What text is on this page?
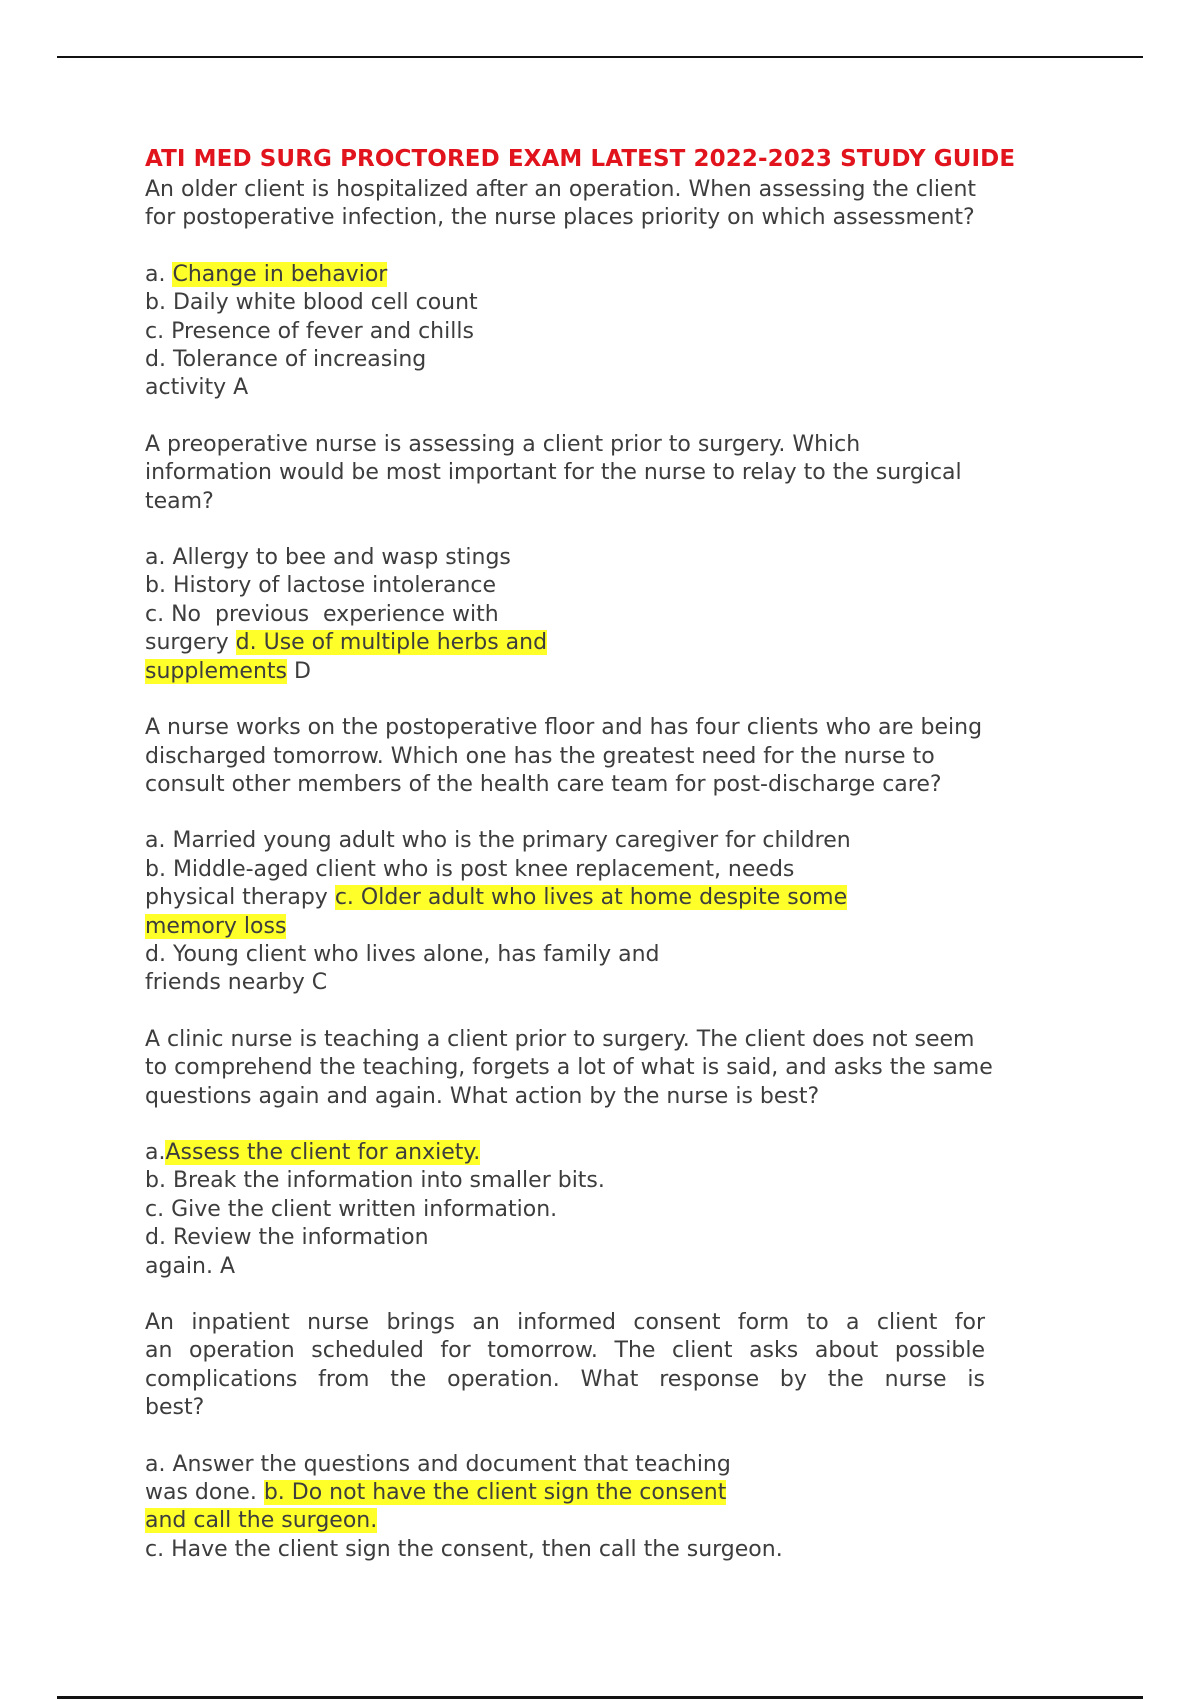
ATI MED SURG PROCTORED EXAM LATEST 2022-2023 STUDY GUIDE
An older client is hospitalized after an operation. When assessing the client
for postoperative infection, the nurse places priority on which assessment?
a. Change in behavior
b. Daily white blood cell count
c. Presence of fever and chills
d. Tolerance of increasing
activity A
A preoperative nurse is assessing a client prior to surgery. Which
information would be most important for the nurse to relay to the surgical
team?
a. Allergy to bee and wasp stings
b. History of lactose intolerance
c. No  previous  experience with
surgery d. Use of multiple herbs and
supplements D
A nurse works on the postoperative floor and has four clients who are being
discharged tomorrow. Which one has the greatest need for the nurse to
consult other members of the health care team for post-discharge care?
a. Married young adult who is the primary caregiver for children
b. Middle-aged client who is post knee replacement, needs
physical therapy c. Older adult who lives at home despite some
memory loss
d. Young client who lives alone, has family and
friends nearby C
A clinic nurse is teaching a client prior to surgery. The client does not seem
to comprehend the teaching, forgets a lot of what is said, and asks the same
questions again and again. What action by the nurse is best?
a.Assess the client for anxiety.
b. Break the information into smaller bits.
c. Give the client written information.
d. Review the information
again. A
An inpatient nurse brings an informed consent form to a client for
an operation scheduled for tomorrow. The client asks about possible
complications from the operation. What response by the nurse is
best?
a. Answer the questions and document that teaching
was done. b. Do not have the client sign the consent
and call the surgeon.
c. Have the client sign the consent, then call the surgeon.
